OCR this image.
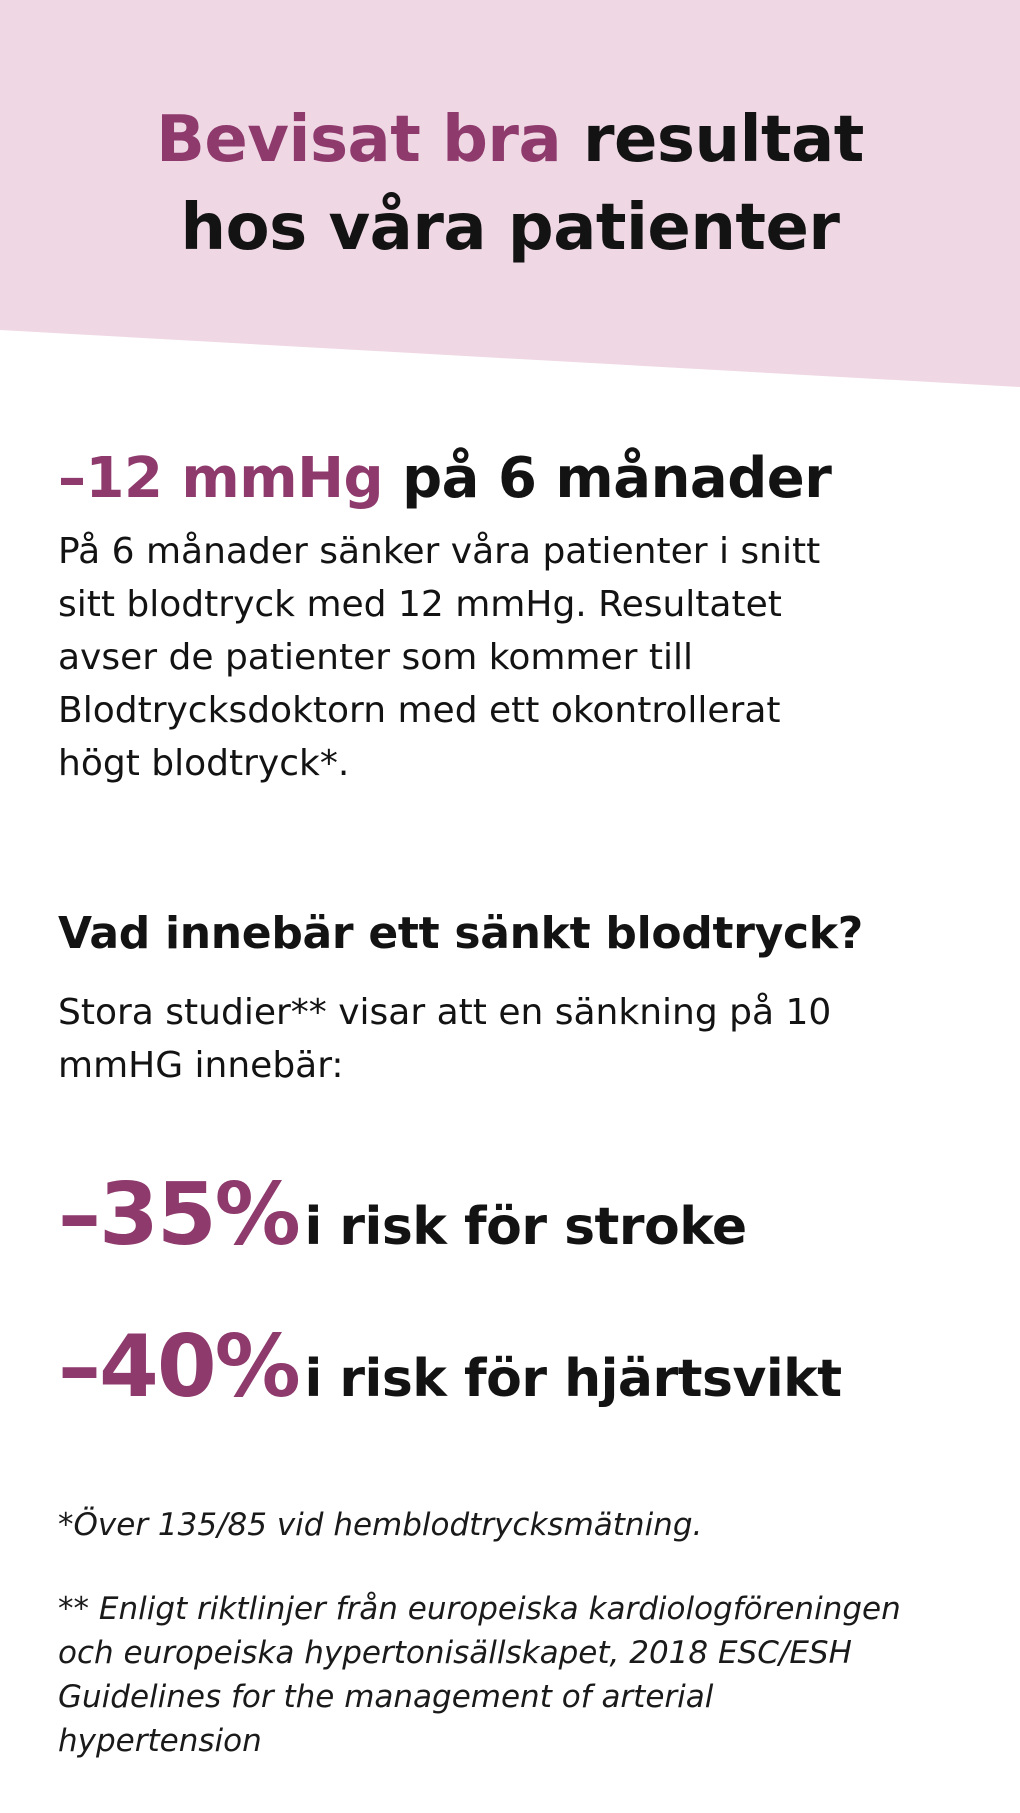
Bevisat bra resultat
hos våra patienter
–12 mmHg på 6 månader

På 6 månader sänker våra patienter i snitt
sitt blodtryck med 12 mmHg. Resultatet
avser de patienter som kommer till
Blodtrycksdoktorn med ett okontrollerat
högt blodtryck*.

Vad innebär ett sänkt blodtryck?

Stora studier** visar att en sänkning på 10
mmHG innebär:

–35% i risk för stroke

–40% i risk för hjärtsvikt

*Över 135/85 vid hemblodtrycksmätning.

** Enligt riktlinjer från europeiska kardiologföreningen
och europeiska hypertonisällskapet, 2018 ESC/ESH
Guidelines for the management of arterial
hypertension
